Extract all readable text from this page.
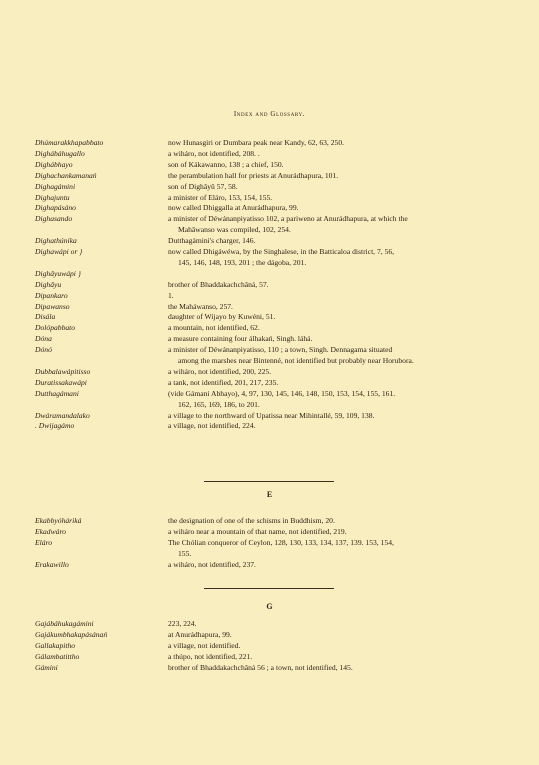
Index and Glossary.
Dhúmarakkhapabbato	now Hunasgiri or Dumbara peak near Kandy, 62, 63, 250.
Dighábáhugallo	a wiháro, not identified, 208. .
Dighábhayo	son of Kákawanno, 138 ; a chief, 150.
Dighachankamanań	the perambulation hall for priests at Anurádhapura, 101.
Dighagámini	son of Dighâyû 57, 58.
Dighajuntu	a minister of Eláro, 153, 154, 155.
Dighapásáno	now called Dhiggalla at Anurádhapura, 99.
Dighasando	a minister of Déwánanpiyatisso 102, a pariweno at Anurádhapura, at which the
Mahâwanso was compiled, 102, 254.
Dighathúnika	Dutthagámini's charger, 146.
Dighawápi or }	now called Dhigáwéwa, by the Singhalese, in the Batticaloa district, 7, 56,
145, 146, 148, 193, 201 ; the dágoba, 201.
Dighâyuwápi }
Dighâyu	brother of Bhaddakachchâná, 57.
Dipankaro	1.
Dipawanso	the Maháwanso, 257.
Disála	daughter of Wijayo by Kuwéni, 51.
Dolópabbato	a mountain, not identified, 62.
Dóna	a measure containing four álhakań, Singh. láhá.
Dónó	a minister of Déwánanpiyatisso, 110 ; a town, Singh. Dennagama situated
among the marshes near Bintenné, not identified but probably near Horubora.
Dubbalawápitisso	a wiháro, not identified, 200, 225.
Duratissakawápi	a tank, not identified, 201, 217, 235.
Dutthagámani	(vide Gámani Abhayo), 4, 97, 130, 145, 146, 148, 150, 153, 154, 155, 161.
162, 165, 169, 186, to 201.
Dwáramandalako	a village to the northward of Upatissa near Mihintallé, 59, 109, 138.
. Dwijagámo	a village, not identified, 224.
Ekabbyóháriká	the designation of one of the schisms in Buddhism, 20.
Ekadwáro	a wiháro near a mountain of that name, not identified, 219.
Eláro	The Chólian conqueror of Ceylon, 128, 130, 133, 134, 137, 139. 153, 154,
155.
Erakawillo	a wiháro, not identified, 237.
Gajábáhukagámini	223, 224.
Gajákumbhakapásánań	at Anurádhapura, 99.
Gallakapitho	a village, not identified.
Gálambatittho	a thúpo, not identified, 221.
Gámini	brother of Bhaddakachchâná 56 ; a town, not identified, 145.
E
G
